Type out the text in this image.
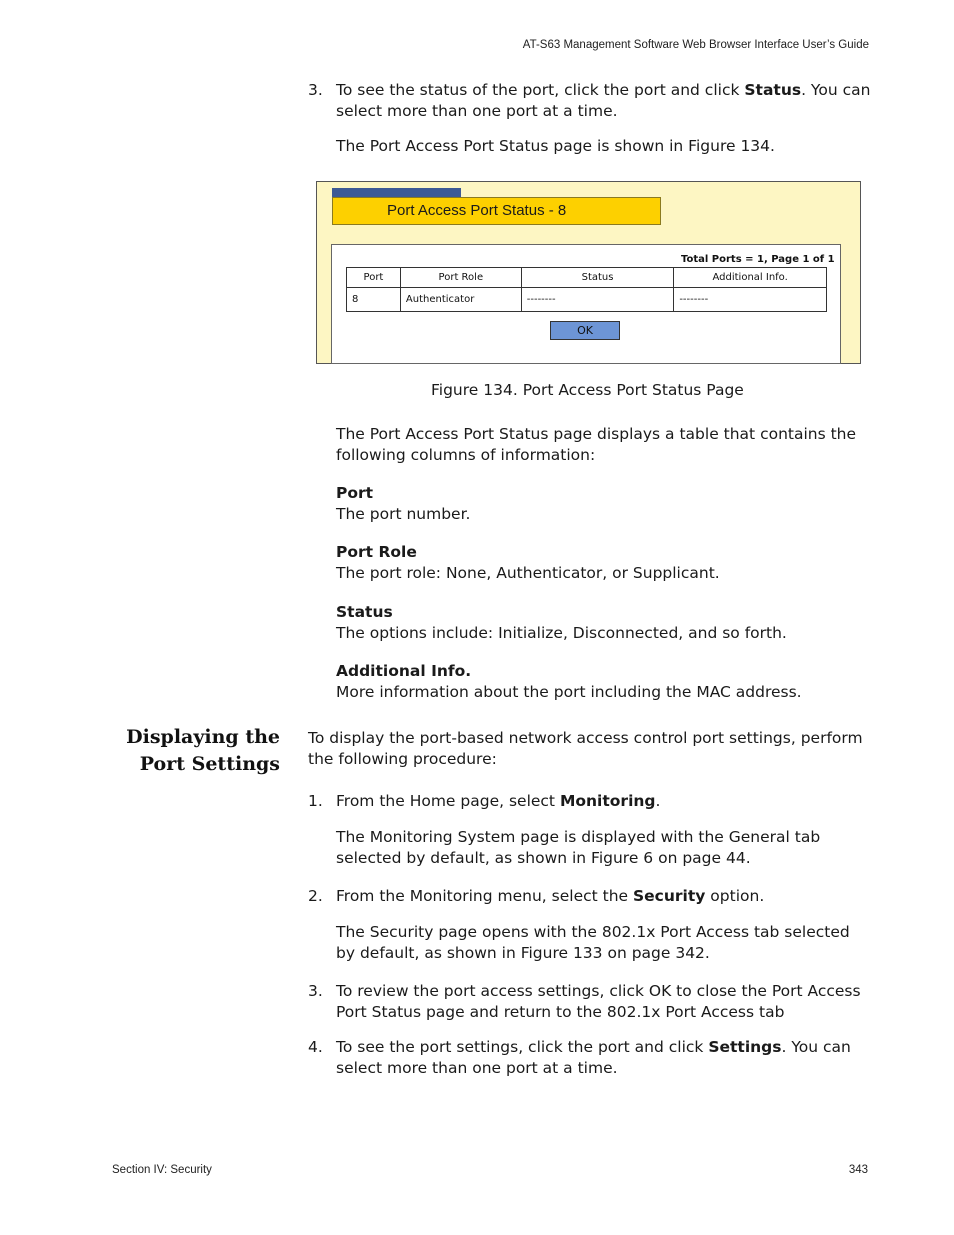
AT-S63 Management Software Web Browser Interface User’s Guide
3. To see the status of the port, click the port and click Status. You can
select more than one port at a time.
The Port Access Port Status page is shown in Figure 134.
Port Access Port Status - 8
Total Ports = 1, Page 1 of 1
Port	Port Role	Status	Additional Info.
8	Authenticator	--------	--------
OK
Figure 134. Port Access Port Status Page
The Port Access Port Status page displays a table that contains the
following columns of information:
Port
The port number.
Port Role
The port role: None, Authenticator, or Supplicant.
Status
The options include: Initialize, Disconnected, and so forth.
Additional Info.
More information about the port including the MAC address.
Displaying the
Port Settings
To display the port-based network access control port settings, perform
the following procedure:
1. From the Home page, select Monitoring.
The Monitoring System page is displayed with the General tab
selected by default, as shown in Figure 6 on page 44.
2. From the Monitoring menu, select the Security option.
The Security page opens with the 802.1x Port Access tab selected
by default, as shown in Figure 133 on page 342.
3. To review the port access settings, click OK to close the Port Access
Port Status page and return to the 802.1x Port Access tab
4. To see the port settings, click the port and click Settings. You can
select more than one port at a time.
Section IV: Security	343
